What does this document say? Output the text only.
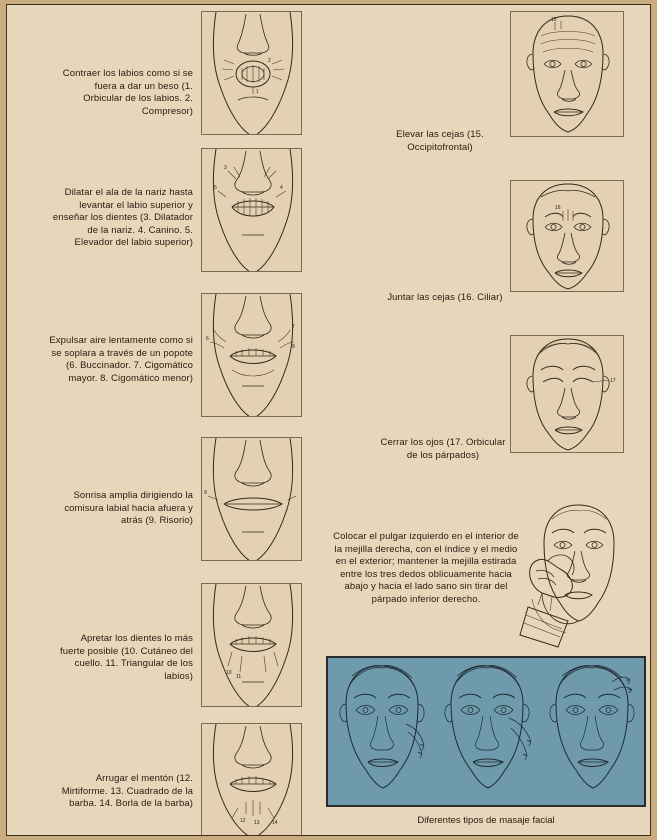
1
2
Contraer los labios como si se fuera a dar un beso (1. Orbicular de los labios. 2. Compresor)
3
4
5
Dilatar el ala de la nariz hasta levantar el labio superior y enseñar los dientes (3. Dilatador de la nariz. 4. Canino. 5. Elevador del labio superior)
6
7
8
Expulsar aire lentamente como si se soplara a través de un popote (6. Buccinador. 7. Cigomático mayor. 8. Cigomático menor)
9
Sonrisa amplia dirigiendo la comisura labial hacia afuera y atrás (9. Risorio)
10
11
Apretar los dientes lo más fuerte posible (10. Cutáneo del cuello. 11. Triangular de los labios)
12 13 14
Arrugar el mentón (12. Mirtiforme. 13. Cuadrado de la barba. 14. Borla de la barba)
15
Elevar las cejas (15. Occipitofrontal)
16
Juntar las cejas (16. Ciliar)
17
Cerrar los ojos (17. Orbicular de los párpados)
Colocar el pulgar izquierdo en el interior de la mejilla derecha, con el índice y el medio en el exterior; mantener la mejilla estirada entre los tres dedos oblicuamente hacia abajo y hacia el lado sano sin tirar del párpado inferior derecho.
Diferentes tipos de masaje facial
